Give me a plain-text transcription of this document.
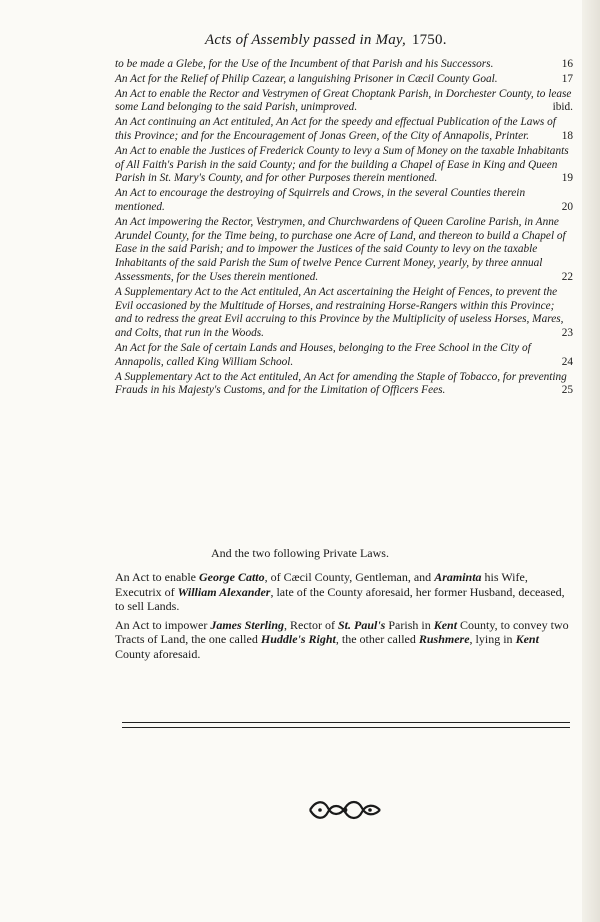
Acts of Assembly passed in May, 1750.
to be made a Glebe, for the Use of the Incumbent of that Parish and his Successors.	16
An Act for the Relief of Philip Cazear, a languishing Prisoner in Cæcil County Goal.	17
An Act to enable the Rector and Vestrymen of Great Choptank Parish, in Dorchester County, to lease some Land belonging to the said Parish, unimproved.	ibid.
An Act continuing an Act entituled, An Act for the speedy and effectual Publication of the Laws of this Province; and for the Encouragement of Jonas Green, of the City of Annapolis, Printer.	18
An Act to enable the Justices of Frederick County to levy a Sum of Money on the taxable Inhabitants of All Faith's Parish in the said County; and for the building a Chapel of Ease in King and Queen Parish in St. Mary's County, and for other Purposes therein mentioned.	19
An Act to encourage the destroying of Squirrels and Crows, in the several Counties therein mentioned.	20
An Act impowering the Rector, Vestrymen, and Churchwardens of Queen Caroline Parish, in Anne Arundel County, for the Time being, to purchase one Acre of Land, and thereon to build a Chapel of Ease in the said Parish; and to impower the Justices of the said County to levy on the taxable Inhabitants of the said Parish the Sum of twelve Pence Current Money, yearly, by three annual Assessments, for the Uses therein mentioned.	22
A Supplementary Act to the Act entituled, An Act ascertaining the Height of Fences, to prevent the Evil occasioned by the Multitude of Horses, and restraining Horse-Rangers within this Province; and to redress the great Evil accruing to this Province by the Multiplicity of useless Horses, Mares, and Colts, that run in the Woods.	23
An Act for the Sale of certain Lands and Houses, belonging to the Free School in the City of Annapolis, called King William School.	24
A Supplementary Act to the Act entituled, An Act for amending the Staple of Tobacco, for preventing Frauds in his Majesty's Customs, and for the Limitation of Officers Fees.	25
And the two following Private Laws.

An Act to enable George Catto, of Cæcil County, Gentleman, and Araminta his Wife, Executrix of William Alexander, late of the County aforesaid, her former Husband, deceased, to sell Lands.

An Act to impower James Sterling, Rector of St. Paul's Parish in Kent County, to convey two Tracts of Land, the one called Huddle's Right, the other called Rushmere, lying in Kent County aforesaid.
